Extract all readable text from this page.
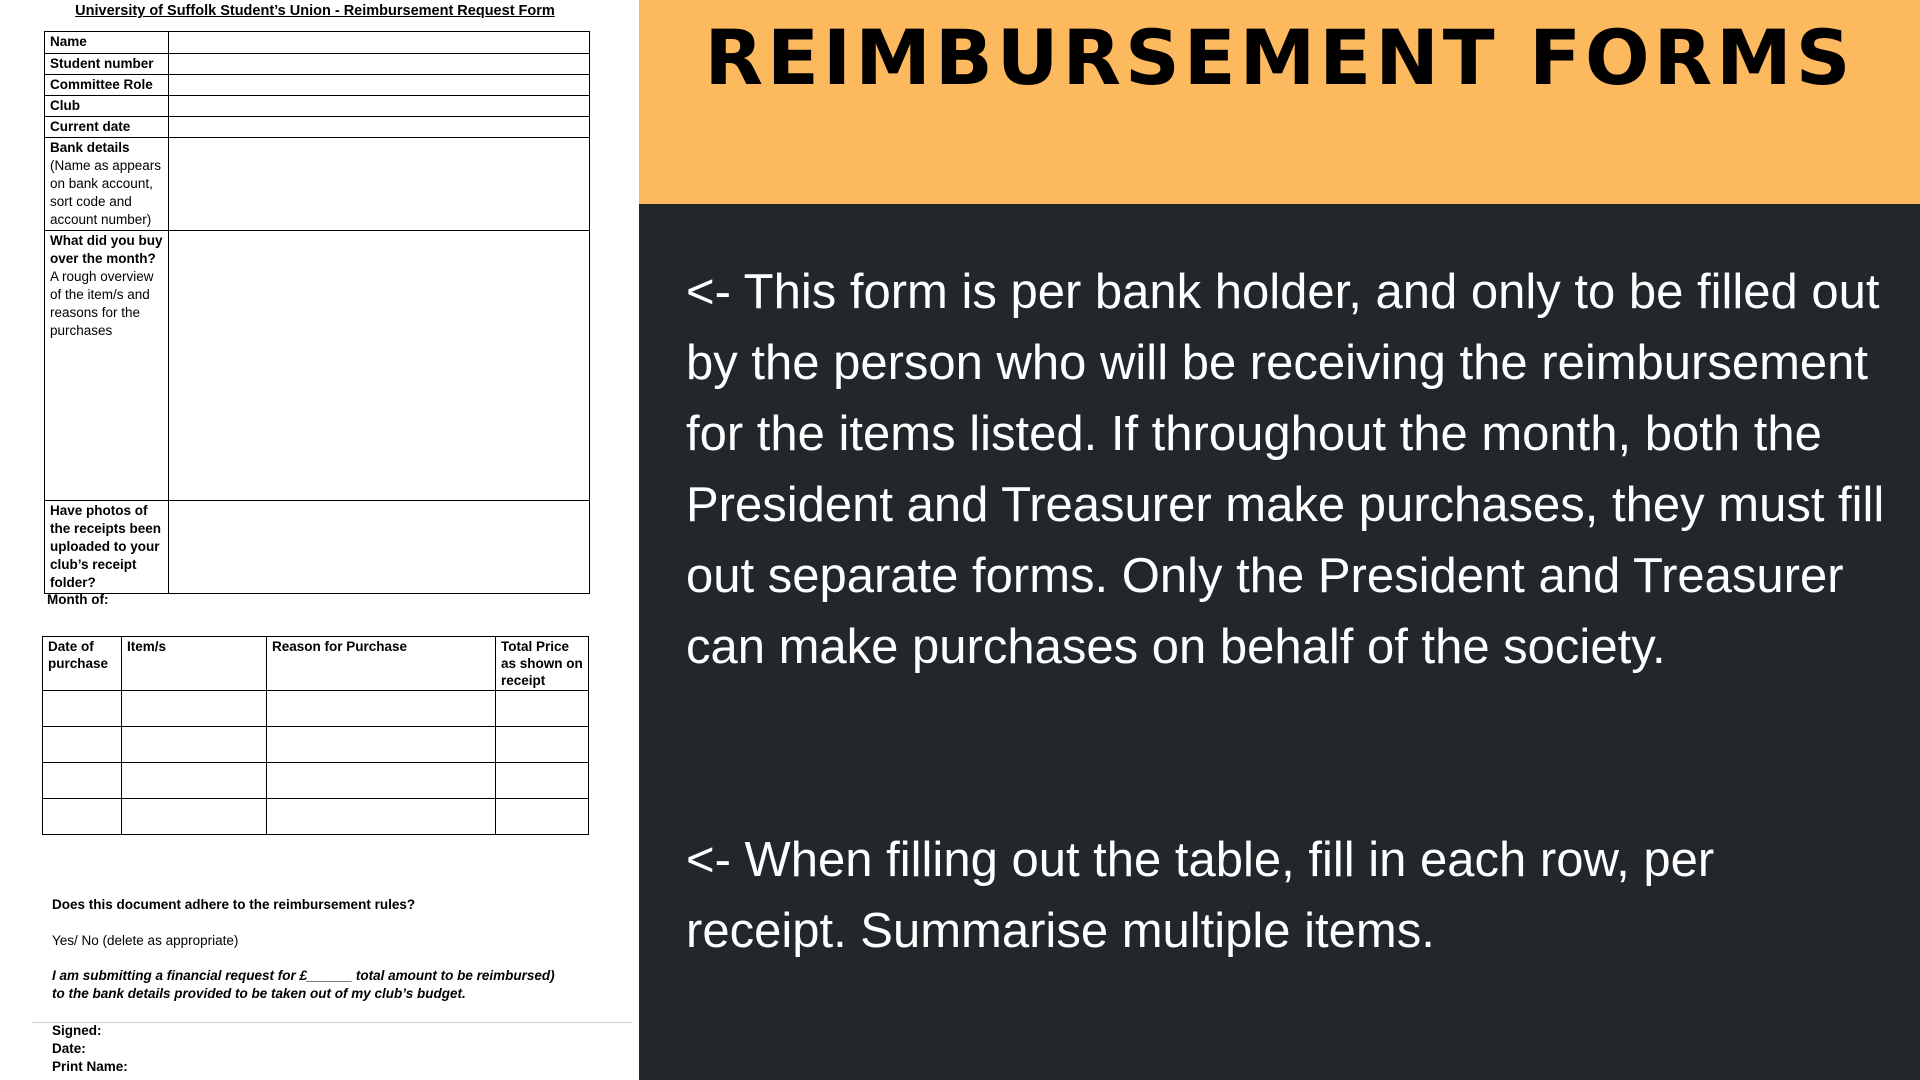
University of Suffolk Student’s Union - Reimbursement Request Form
Name	

Student number	

Committee Role	

Club	

Current date	

Bank details
(Name as appears on bank account, sort code and account number)	

What did you buy over the month?
A rough overview of the item/s and reasons for the purchases	

Have photos of the receipts been uploaded to your club’s receipt folder?	

Month of:
Date of purchase	Item/s	Reason for Purchase	Total Price as shown on receipt

Does this document adhere to the reimbursement rules?
Yes/ No (delete as appropriate)
I am submitting a financial request for £______ total amount to be reimbursed)
to the bank details provided to be taken out of my club’s budget.
Signed:
Date:
Print Name:
REIMBURSEMENT FORMS
<- This form is per bank holder, and only to be filled out by the person who will be receiving the reimbursement for the items listed. If throughout the month, both the President and Treasurer make purchases, they must fill out separate forms. Only the President and Treasurer can make purchases on behalf of the society.
<- When filling out the table, fill in each row, per receipt. Summarise multiple items.
